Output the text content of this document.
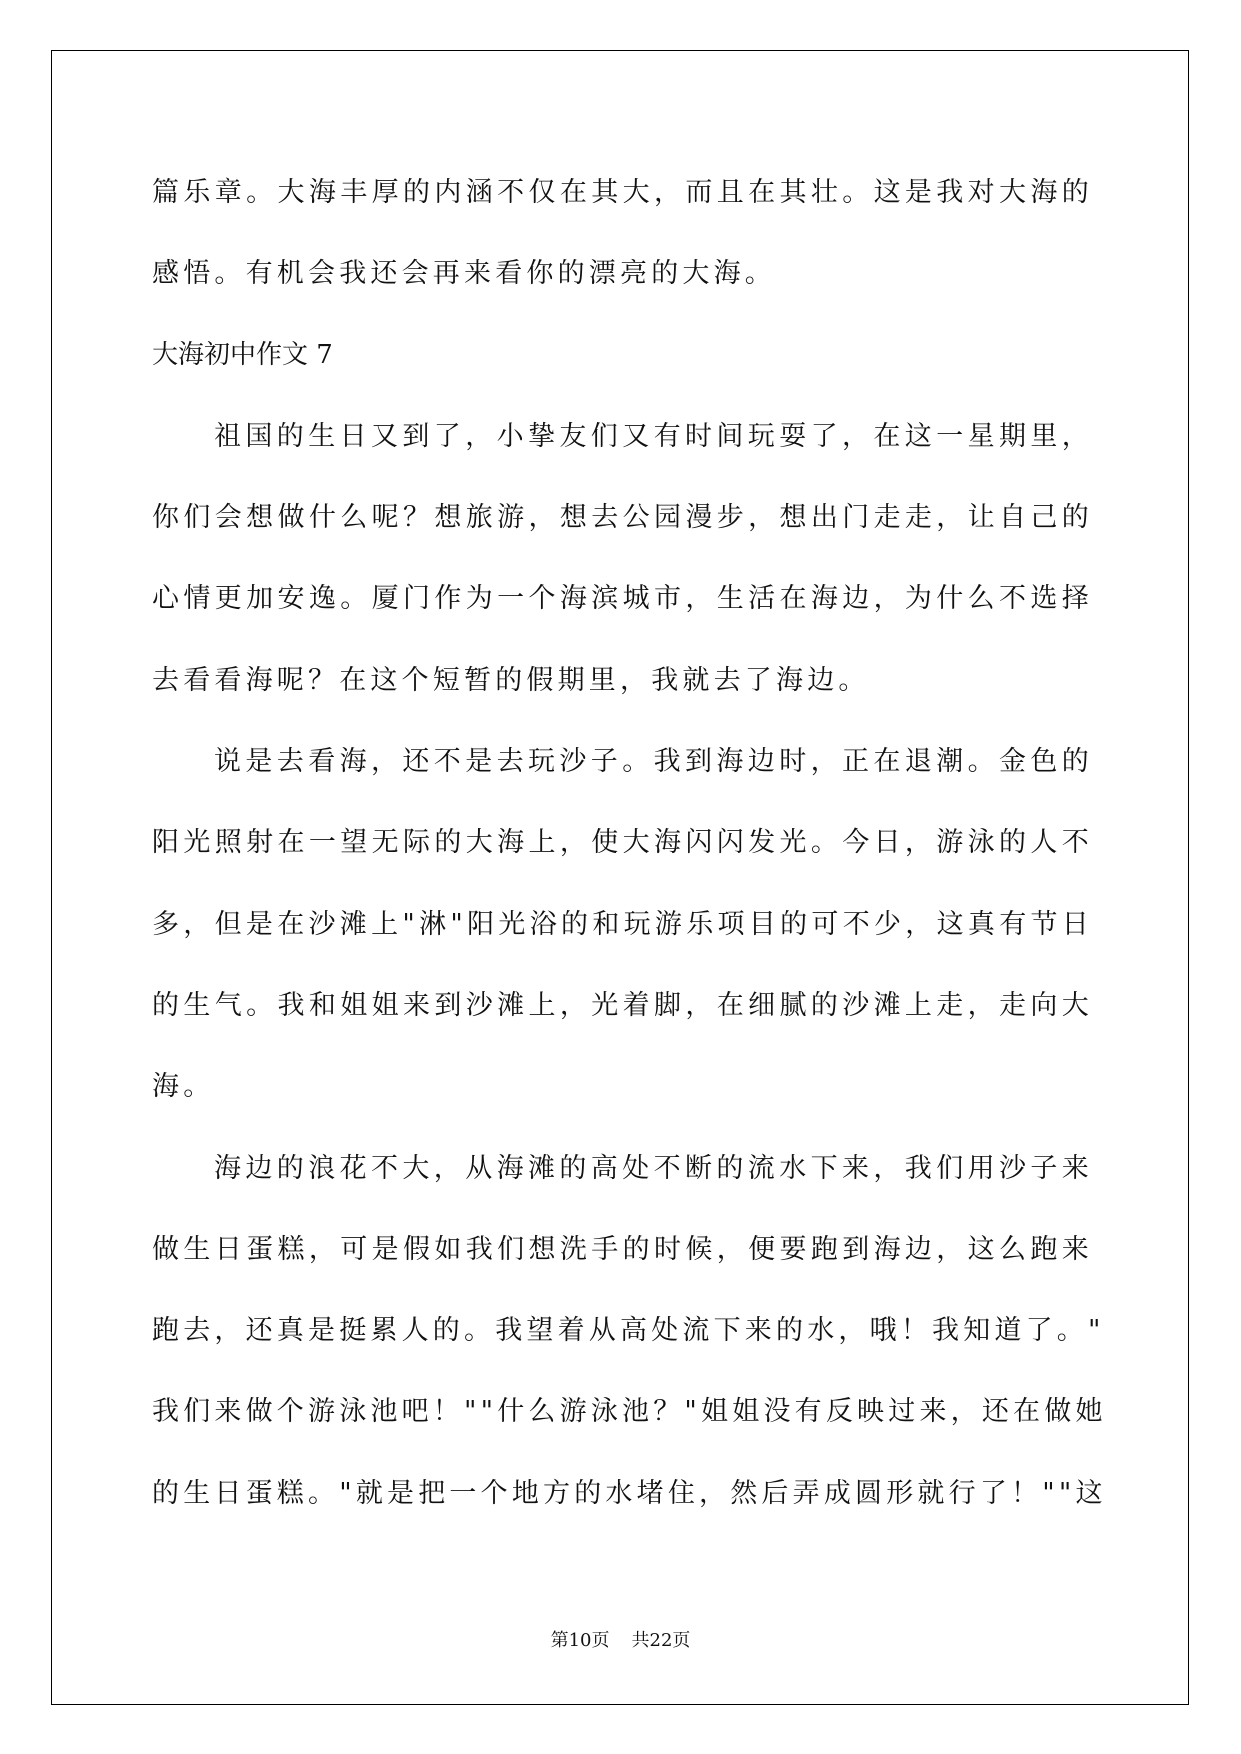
篇乐章。大海丰厚的内涵不仅在其大，而且在其壮。这是我对大海的
感悟。有机会我还会再来看你的漂亮的大海。
大海初中作文 7
祖国的生日又到了，小挚友们又有时间玩耍了，在这一星期里，
你们会想做什么呢？想旅游，想去公园漫步，想出门走走，让自己的
心情更加安逸。厦门作为一个海滨城市，生活在海边，为什么不选择
去看看海呢？在这个短暂的假期里，我就去了海边。
说是去看海，还不是去玩沙子。我到海边时，正在退潮。金色的
阳光照射在一望无际的大海上，使大海闪闪发光。今日，游泳的人不
多，但是在沙滩上"淋"阳光浴的和玩游乐项目的可不少，这真有节日
的生气。我和姐姐来到沙滩上，光着脚，在细腻的沙滩上走，走向大
海。
海边的浪花不大，从海滩的高处不断的流水下来，我们用沙子来
做生日蛋糕，可是假如我们想洗手的时候，便要跑到海边，这么跑来
跑去，还真是挺累人的。我望着从高处流下来的水，哦！我知道了。"
我们来做个游泳池吧！""什么游泳池？"姐姐没有反映过来，还在做她
的生日蛋糕。"就是把一个地方的水堵住，然后弄成圆形就行了！""这
第10页 共22页
